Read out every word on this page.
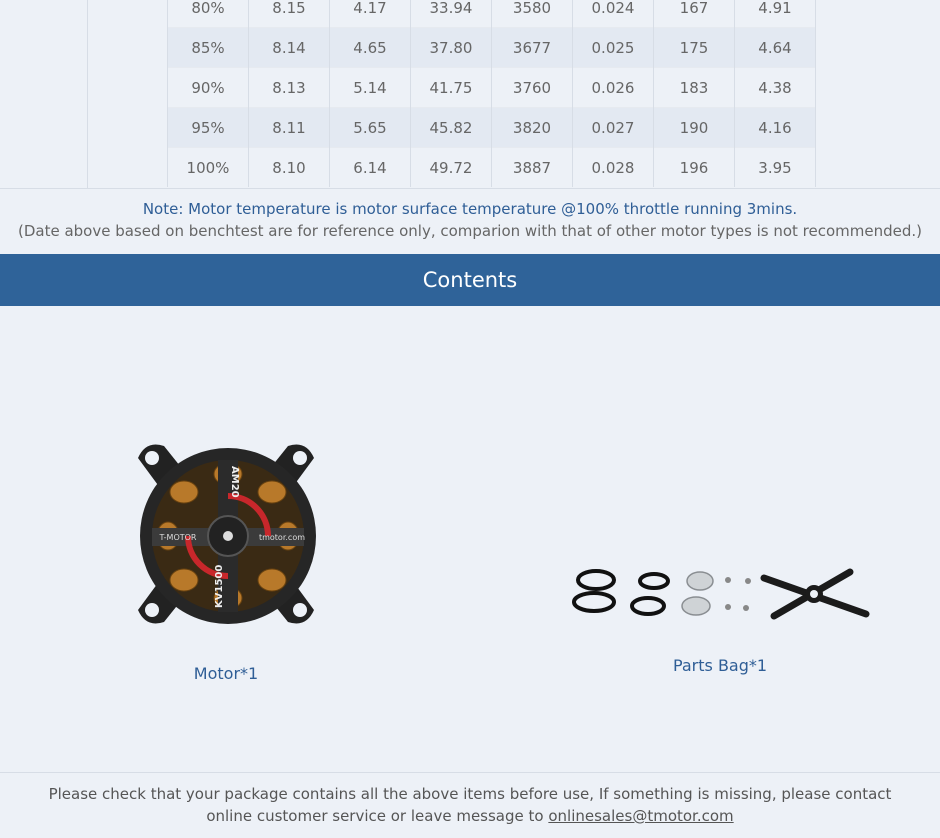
80%	8.15	4.17	33.94	3580	0.024	167	4.91
85%	8.14	4.65	37.80	3677	0.025	175	4.64
90%	8.13	5.14	41.75	3760	0.026	183	4.38
95%	8.11	5.65	45.82	3820	0.027	190	4.16
100%	8.10	6.14	49.72	3887	0.028	196	3.95
Note: Motor temperature is motor surface temperature @100% throttle running 3mins.
(Date above based on benchtest are for reference only, comparion with that of other motor types is not recommended.)
Contents
T-MOTOR	tmotor.com
AM20
KV1500
Motor*1	Parts Bag*1
Please check that your package contains all the above items before use, If something is missing, please contact online customer service or leave message to onlinesales@tmotor.com
